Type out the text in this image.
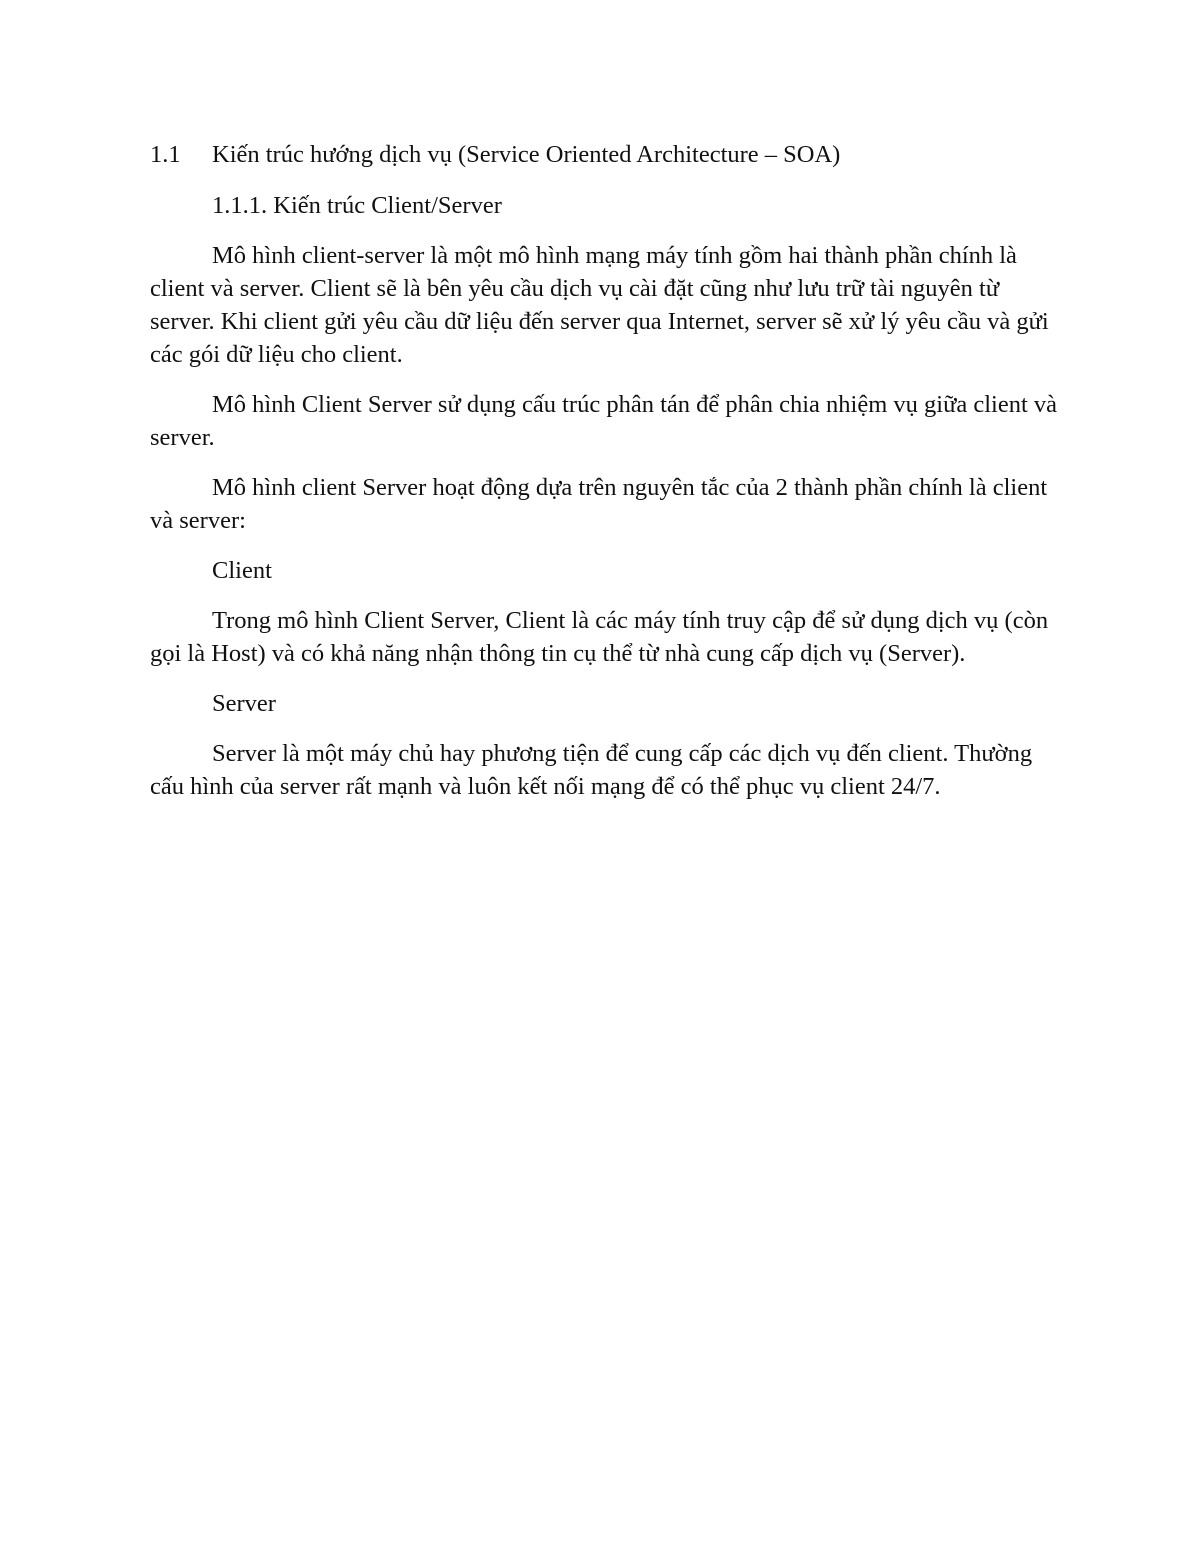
1.1	Kiến trúc hướng dịch vụ (Service Oriented Architecture – SOA)
1.1.1. Kiến trúc Client/Server

Mô hình client-server là một mô hình mạng máy tính gồm hai thành phần chính là client và server. Client sẽ là bên yêu cầu dịch vụ cài đặt cũng như lưu trữ tài nguyên từ server. Khi client gửi yêu cầu dữ liệu đến server qua Internet, server sẽ xử lý yêu cầu và gửi các gói dữ liệu cho client.

Mô hình Client Server sử dụng cấu trúc phân tán để phân chia nhiệm vụ giữa client và server.

Mô hình client Server hoạt động dựa trên nguyên tắc của 2 thành phần chính là client và server:

Client

Trong mô hình Client Server, Client là các máy tính truy cập để sử dụng dịch vụ (còn gọi là Host) và có khả năng nhận thông tin cụ thể từ nhà cung cấp dịch vụ (Server).

Server

Server là một máy chủ hay phương tiện để cung cấp các dịch vụ đến client. Thường cấu hình của server rất mạnh và luôn kết nối mạng để có thể phục vụ client 24/7.
